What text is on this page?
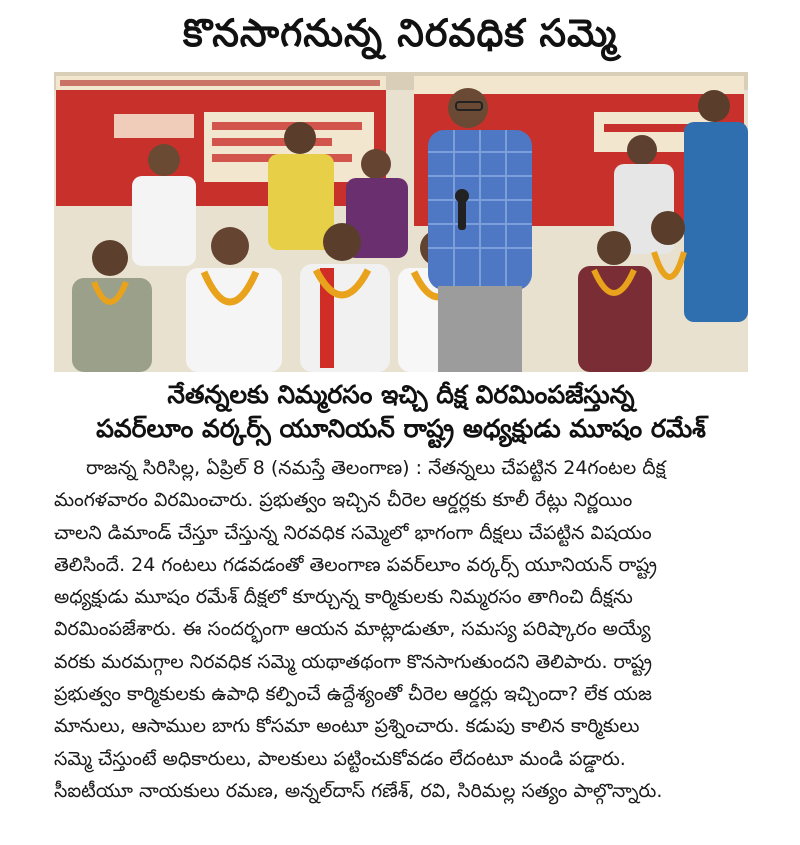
కొనసాగనున్న నిరవధిక సమ్మె
నేతన్నలకు నిమ్మరసం ఇచ్చి దీక్ష విరమింపజేస్తున్న
పవర్‌లూం వర్కర్స్ యూనియన్ రాష్ట్ర అధ్యక్షుడు మూషం రమేశ్
రాజన్న సిరిసిల్ల, ఏప్రిల్ 8 (నమస్తే తెలంగాణ) : నేతన్నలు చేపట్టిన 24గంటల దీక్ష
మంగళవారం విరమించారు. ప్రభుత్వం ఇచ్చిన చీరెల ఆర్డర్లకు కూలీ రేట్లు నిర్ణయిం
చాలని డిమాండ్ చేస్తూ చేస్తున్న నిరవధిక సమ్మెలో భాగంగా దీక్షలు చేపట్టిన విషయం
తెలిసిందే. 24 గంటలు గడవడంతో తెలంగాణ పవర్‌లూం వర్కర్స్ యూనియన్ రాష్ట్ర
అధ్యక్షుడు మూషం రమేశ్ దీక్షలో కూర్చున్న కార్మికులకు నిమ్మరసం తాగించి దీక్షను
విరమింపజేశారు. ఈ సందర్భంగా ఆయన మాట్లాడుతూ, సమస్య పరిష్కారం అయ్యే
వరకు మరమగ్గాల నిరవధిక సమ్మె యథాతథంగా కొనసాగుతుందని తెలిపారు. రాష్ట్ర
ప్రభుత్వం కార్మికులకు ఉపాధి కల్పించే ఉద్దేశ్యంతో చీరెల ఆర్డర్లు ఇచ్చిందా? లేక యజ
మానులు, ఆసాముల బాగు కోసమా అంటూ ప్రశ్నించారు. కడుపు కాలిన కార్మికులు
సమ్మె చేస్తుంటే అధికారులు, పాలకులు పట్టించుకోవడం లేదంటూ మండి పడ్డారు.
సీఐటీయూ నాయకులు రమణ, అన్నల్‌దాస్ గణేశ్, రవి, సిరిమల్ల సత్యం పాల్గొన్నారు.
